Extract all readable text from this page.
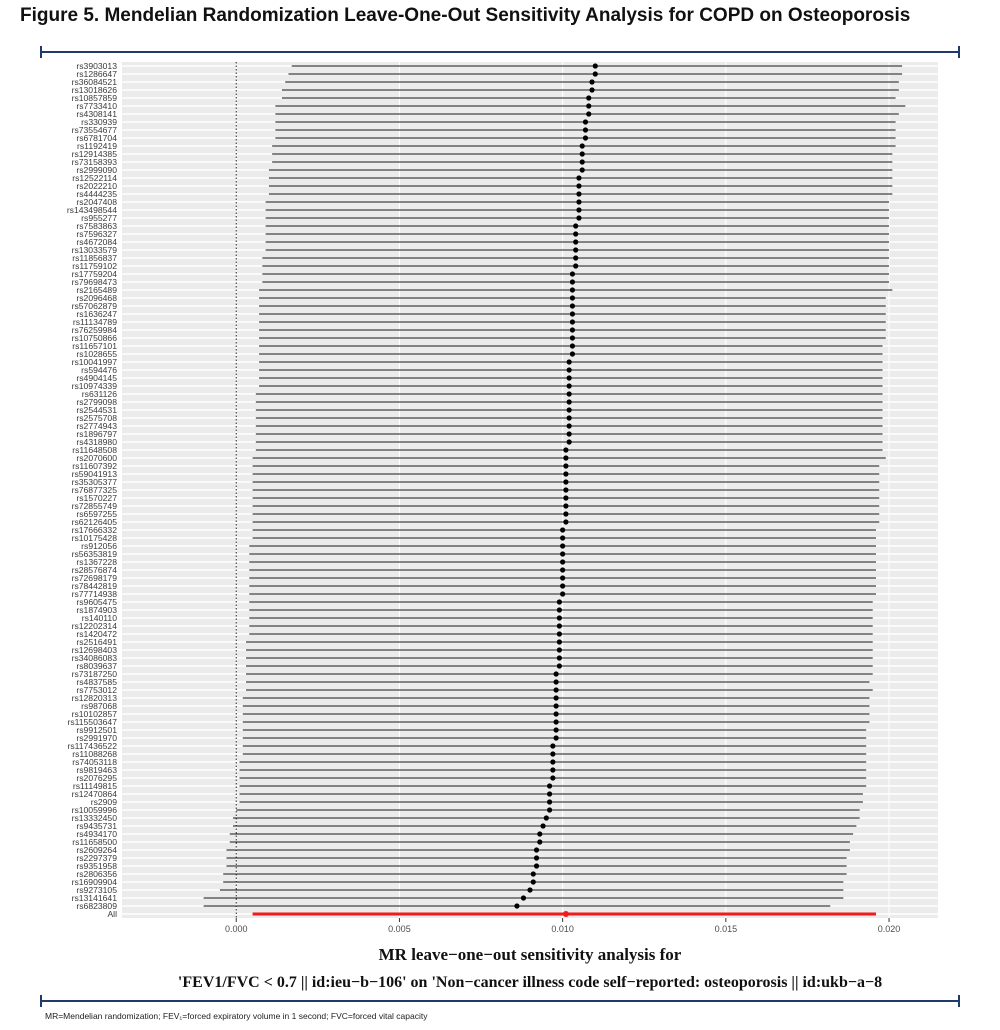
Figure 5. Mendelian Randomization Leave-One-Out Sensitivity Analysis for COPD on Osteoporosis
rs3903013
rs1286647
rs36084521
rs13018626
rs10857859
rs7733410
rs4308141
rs330939
rs73554677
rs6781704
rs1192419
rs12914385
rs73158393
rs2999090
rs12522114
rs2022210
rs4444235
rs2047408
rs143498544
rs955277
rs7583863
rs7596327
rs4672084
rs13033579
rs11856837
rs11759102
rs17759204
rs79698473
rs2165489
rs2096468
rs57062879
rs1636247
rs11134789
rs76259984
rs10750866
rs11657101
rs1028655
rs10041997
rs594476
rs4904145
rs10974339
rs631126
rs2799098
rs2544531
rs2575708
rs2774943
rs1896797
rs4318980
rs11648508
rs2070600
rs11607392
rs59041913
rs35305377
rs76877325
rs1570227
rs72855749
rs6597255
rs62126405
rs17666332
rs10175428
rs912056
rs56353819
rs1367228
rs28576874
rs72698179
rs78442819
rs77714938
rs9605475
rs1874903
rs140110
rs12202314
rs1420472
rs2516491
rs12698403
rs34086083
rs8039637
rs73187250
rs4837585
rs7753012
rs12820313
rs987068
rs10102857
rs115503647
rs9912501
rs2991970
rs117436522
rs11088268
rs74053118
rs9819463
rs2076295
rs11149815
rs12470864
rs2909
rs10059996
rs13332450
rs9435731
rs4934170
rs11658500
rs2609264
rs2297379
rs9351958
rs2806356
rs16909904
rs9273105
rs13141641
rs6823809
All
0.000	0.005	0.010	0.015	0.020
MR leave−one−out sensitivity analysis for
'FEV1/FVC < 0.7 || id:ieu−b−106' on 'Non−cancer illness code self−reported: osteoporosis || id:ukb−a−8

MR=Mendelian randomization; FEV₁=forced expiratory volume in 1 second; FVC=forced vital capacity
